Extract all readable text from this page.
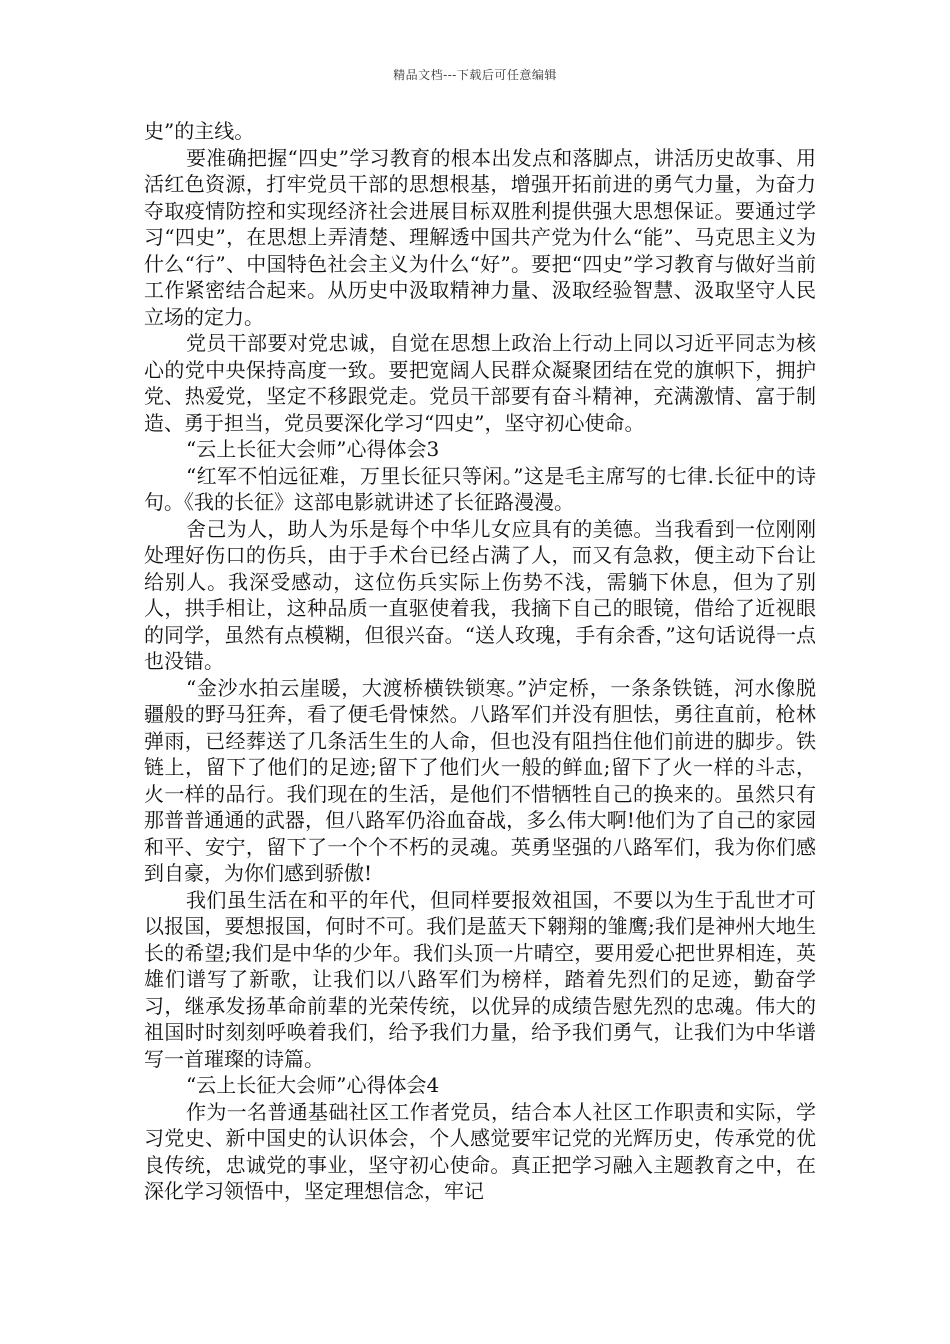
精品文档---下载后可任意编辑

史”的主线。

要准确把握“四史”学习教育的根本出发点和落脚点，讲活历史故事、用活红色资源，打牢党员干部的思想根基，增强开拓前进的勇气力量，为奋力夺取疫情防控和实现经济社会进展目标双胜利提供强大思想保证。要通过学习“四史”，在思想上弄清楚、理解透中国共产党为什么“能”、马克思主义为什么“行”、中国特色社会主义为什么“好”。要把“四史”学习教育与做好当前工作紧密结合起来。从历史中汲取精神力量、汲取经验智慧、汲取坚守人民立场的定力。

党员干部要对党忠诚，自觉在思想上政治上行动上同以习近平同志为核心的党中央保持高度一致。要把宽阔人民群众凝聚团结在党的旗帜下，拥护党、热爱党，坚定不移跟党走。党员干部要有奋斗精神，充满激情、富于制造、勇于担当，党员要深化学习“四史”，坚守初心使命。

“云上长征大会师”心得体会3

“红军不怕远征难，万里长征只等闲。”这是毛主席写的七律.长征中的诗句。《我的长征》这部电影就讲述了长征路漫漫。

舍己为人，助人为乐是每个中华儿女应具有的美德。当我看到一位刚刚处理好伤口的伤兵，由于手术台已经占满了人，而又有急救，便主动下台让给别人。我深受感动，这位伤兵实际上伤势不浅，需躺下休息，但为了别人，拱手相让，这种品质一直驱使着我，我摘下自己的眼镜，借给了近视眼的同学，虽然有点模糊，但很兴奋。“送人玫瑰，手有余香，”这句话说得一点也没错。

“金沙水拍云崖暖，大渡桥横铁锁寒。”泸定桥，一条条铁链，河水像脱疆般的野马狂奔，看了便毛骨悚然。八路军们并没有胆怯，勇往直前，枪林弹雨，已经葬送了几条活生生的人命，但也没有阻挡住他们前进的脚步。铁链上，留下了他们的足迹;留下了他们火一般的鲜血;留下了火一样的斗志，火一样的品行。我们现在的生活，是他们不惜牺牲自己的换来的。虽然只有那普普通通的武器，但八路军仍浴血奋战，多么伟大啊!他们为了自己的家园和平、安宁，留下了一个个不朽的灵魂。英勇坚强的八路军们，我为你们感到自豪，为你们感到骄傲!

我们虽生活在和平的年代，但同样要报效祖国，不要以为生于乱世才可以报国，要想报国，何时不可。我们是蓝天下翱翔的雏鹰;我们是神州大地生长的希望;我们是中华的少年。我们头顶一片晴空，要用爱心把世界相连，英雄们谱写了新歌，让我们以八路军们为榜样，踏着先烈们的足迹，勤奋学习，继承发扬革命前辈的光荣传统，以优异的成绩告慰先烈的忠魂。伟大的祖国时时刻刻呼唤着我们，给予我们力量，给予我们勇气，让我们为中华谱写一首璀璨的诗篇。

“云上长征大会师”心得体会4

作为一名普通基础社区工作者党员，结合本人社区工作职责和实际，学习党史、新中国史的认识体会，个人感觉要牢记党的光辉历史，传承党的优良传统，忠诚党的事业，坚守初心使命。真正把学习融入主题教育之中，在深化学习领悟中，坚定理想信念，牢记
